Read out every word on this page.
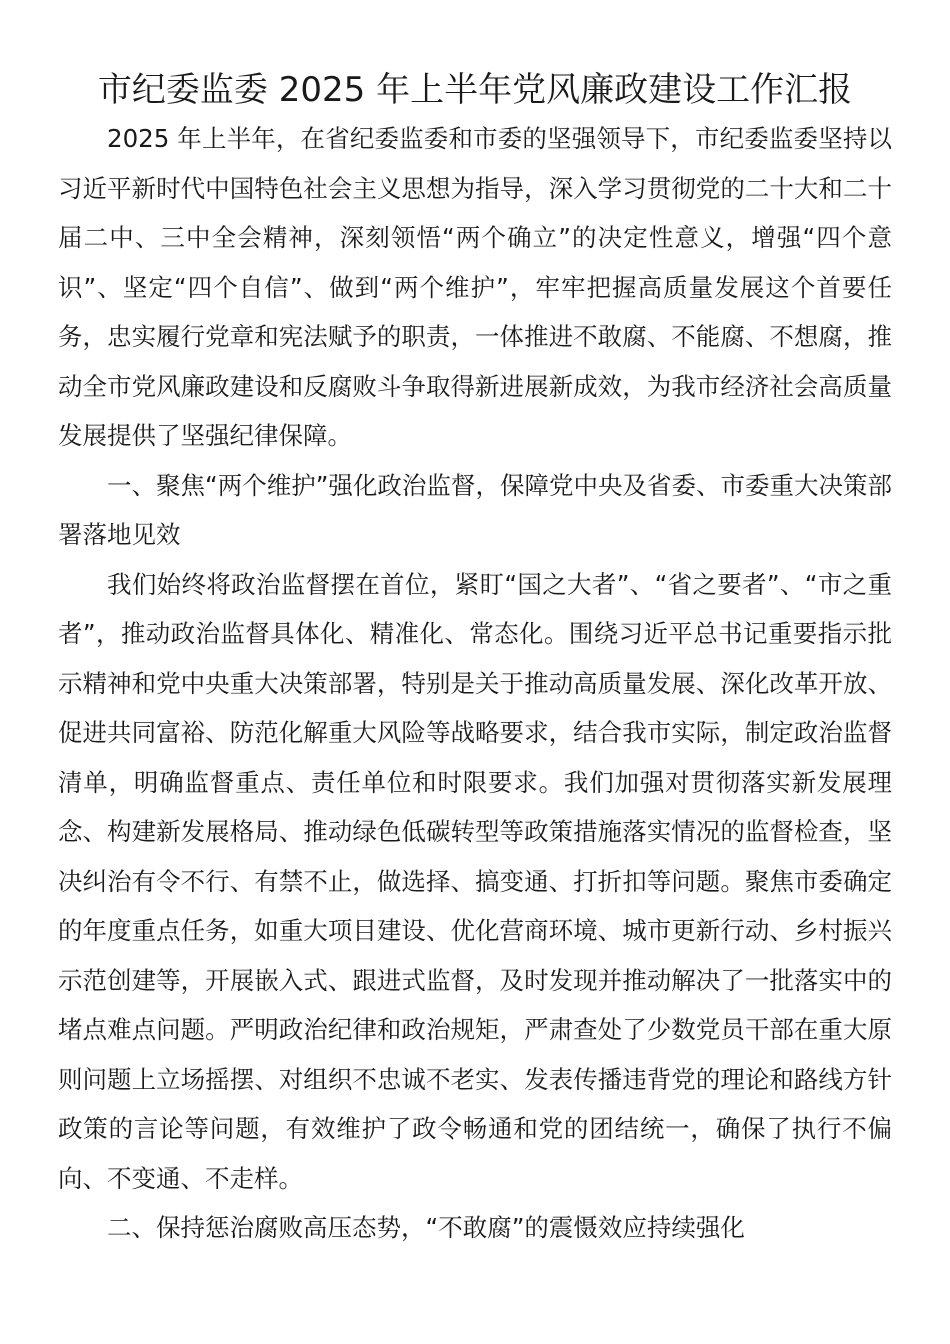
市纪委监委 2025 年上半年党风廉政建设工作汇报

2025 年上半年，在省纪委监委和市委的坚强领导下，市纪委监委坚持以习近平新时代中国特色社会主义思想为指导，深入学习贯彻党的二十大和二十届二中、三中全会精神，深刻领悟“两个确立”的决定性意义，增强“四个意识”、坚定“四个自信”、做到“两个维护”，牢牢把握高质量发展这个首要任务，忠实履行党章和宪法赋予的职责，一体推进不敢腐、不能腐、不想腐，推动全市党风廉政建设和反腐败斗争取得新进展新成效，为我市经济社会高质量发展提供了坚强纪律保障。

一、聚焦“两个维护”强化政治监督，保障党中央及省委、市委重大决策部署落地见效

我们始终将政治监督摆在首位，紧盯“国之大者”、“省之要者”、“市之重者”，推动政治监督具体化、精准化、常态化。围绕习近平总书记重要指示批示精神和党中央重大决策部署，特别是关于推动高质量发展、深化改革开放、促进共同富裕、防范化解重大风险等战略要求，结合我市实际，制定政治监督清单，明确监督重点、责任单位和时限要求。我们加强对贯彻落实新发展理念、构建新发展格局、推动绿色低碳转型等政策措施落实情况的监督检查，坚决纠治有令不行、有禁不止，做选择、搞变通、打折扣等问题。聚焦市委确定的年度重点任务，如重大项目建设、优化营商环境、城市更新行动、乡村振兴示范创建等，开展嵌入式、跟进式监督，及时发现并推动解决了一批落实中的堵点难点问题。严明政治纪律和政治规矩，严肃查处了少数党员干部在重大原则问题上立场摇摆、对组织不忠诚不老实、发表传播违背党的理论和路线方针政策的言论等问题，有效维护了政令畅通和党的团结统一，确保了执行不偏向、不变通、不走样。

二、保持惩治腐败高压态势，“不敢腐”的震慑效应持续强化
